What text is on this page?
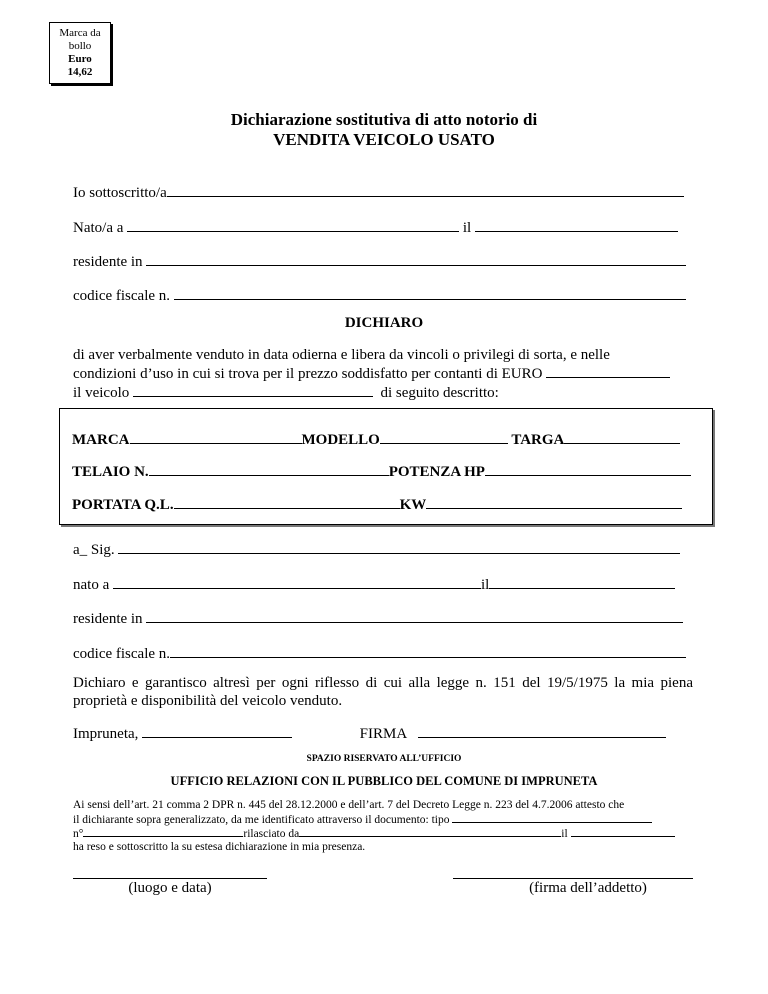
Marca da
bollo
Euro
14,62
Dichiarazione sostitutiva di atto notorio di
VENDITA VEICOLO USATO
Io sottoscritto/a
Nato/a a	il
residente in
codice fiscale n.
DICHIARO
di aver verbalmente venduto in data odierna e libera da vincoli o privilegi di sorta, e nelle
condizioni d’uso in cui si trova per il prezzo soddisfatto per contanti di EURO
il veicolo	di seguito descritto:
MARCA	MODELLO	TARGA
TELAIO N.	POTENZA HP
PORTATA Q.L.	KW
a_ Sig.
nato a	il
residente in
codice fiscale n.
Dichiaro e garantisco altresì per ogni riflesso di cui alla legge n. 151 del 19/5/1975 la mia piena
proprietà e disponibilità del veicolo venduto.
Impruneta,	FIRMA
SPAZIO RISERVATO ALL’UFFICIO
UFFICIO RELAZIONI CON IL PUBBLICO DEL COMUNE DI IMPRUNETA
Ai sensi dell’art. 21 comma 2 DPR n. 445 del 28.12.2000 e dell’art. 7 del Decreto Legge n. 223 del 4.7.2006 attesto che
il dichiarante sopra generalizzato, da me identificato attraverso il documento: tipo
n°	rilasciato da	il
ha reso e sottoscritto la su estesa dichiarazione in mia presenza.
(luogo e data)	(firma dell’addetto)
